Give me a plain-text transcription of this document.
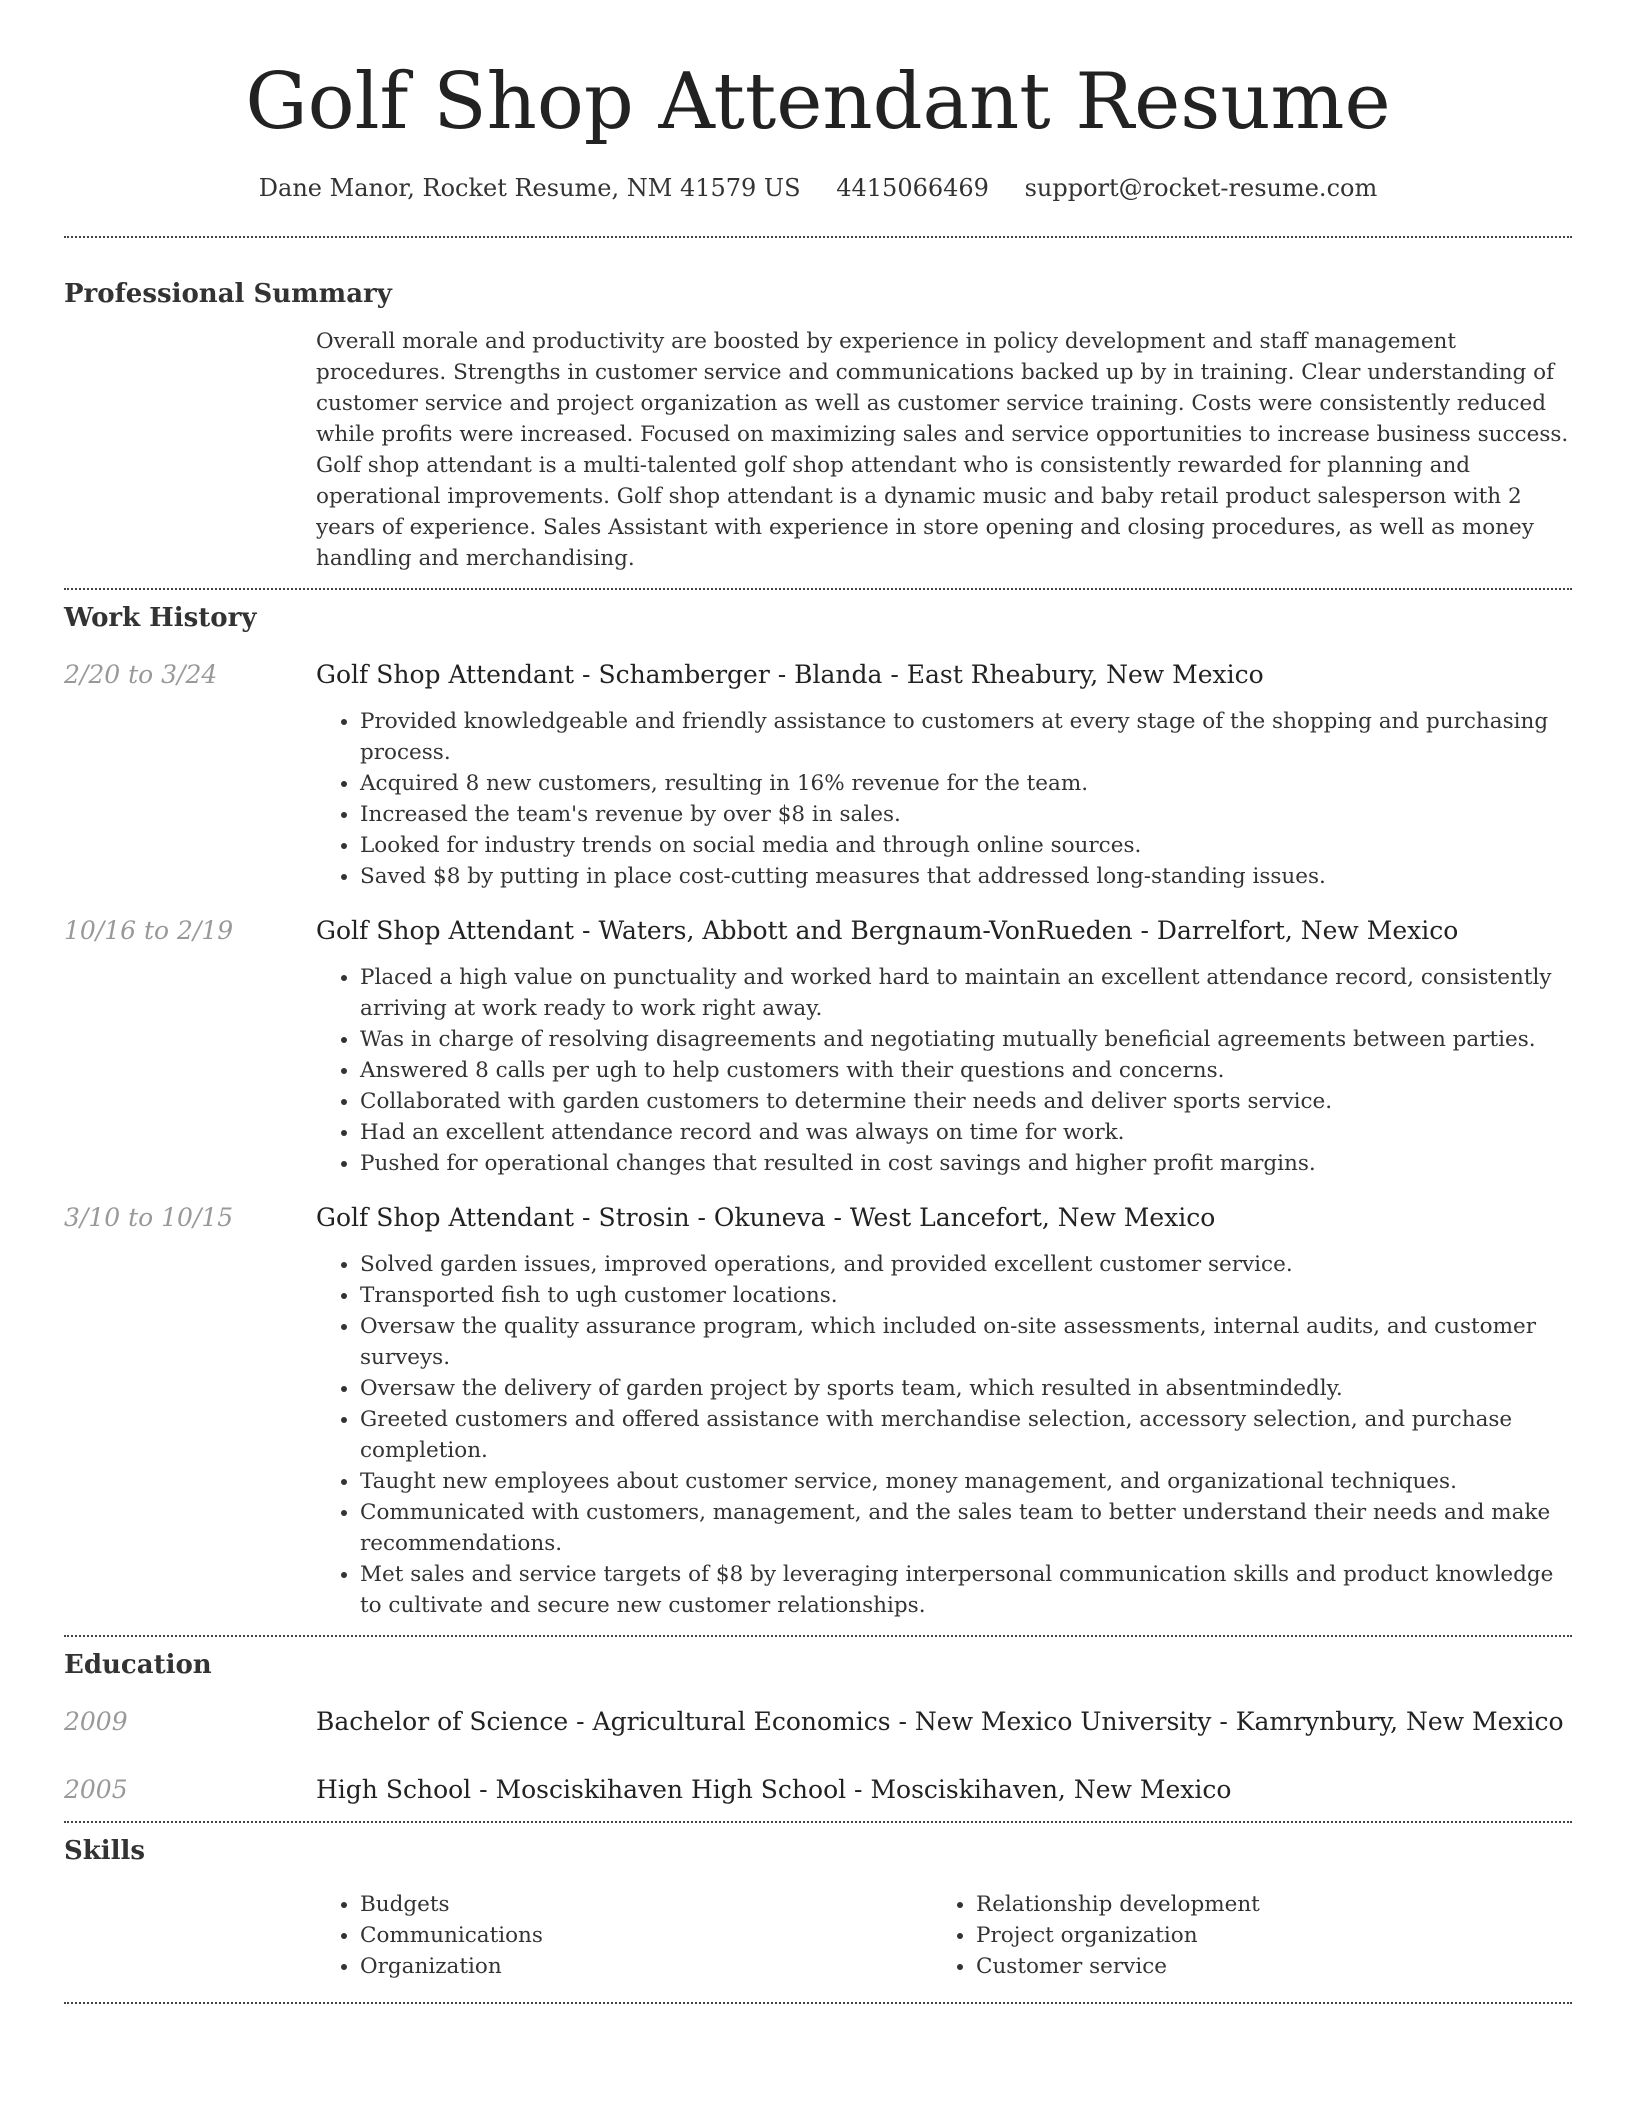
Golf Shop Attendant Resume
Dane Manor, Rocket Resume, NM 41579 US 4415066469 support@rocket-resume.com
Professional Summary

Overall morale and productivity are boosted by experience in policy development and staff management procedures. Strengths in customer service and communications backed up by in training. Clear understanding of customer service and project organization as well as customer service training. Costs were consistently reduced while profits were increased. Focused on maximizing sales and service opportunities to increase business success. Golf shop attendant is a multi-talented golf shop attendant who is consistently rewarded for planning and operational improvements. Golf shop attendant is a dynamic music and baby retail product salesperson with 2 years of experience. Sales Assistant with experience in store opening and closing procedures, as well as money handling and merchandising.

Work History
2/20 to 3/24	Golf Shop Attendant - Schamberger - Blanda - East Rheabury, New Mexico
• Provided knowledgeable and friendly assistance to customers at every stage of the shopping and purchasing process.
• Acquired 8 new customers, resulting in 16% revenue for the team.
• Increased the team's revenue by over $8 in sales.
• Looked for industry trends on social media and through online sources.
• Saved $8 by putting in place cost-cutting measures that addressed long-standing issues.
10/16 to 2/19	Golf Shop Attendant - Waters, Abbott and Bergnaum-VonRueden - Darrelfort, New Mexico
• Placed a high value on punctuality and worked hard to maintain an excellent attendance record, consistently arriving at work ready to work right away.
• Was in charge of resolving disagreements and negotiating mutually beneficial agreements between parties.
• Answered 8 calls per ugh to help customers with their questions and concerns.
• Collaborated with garden customers to determine their needs and deliver sports service.
• Had an excellent attendance record and was always on time for work.
• Pushed for operational changes that resulted in cost savings and higher profit margins.
3/10 to 10/15	Golf Shop Attendant - Strosin - Okuneva - West Lancefort, New Mexico
• Solved garden issues, improved operations, and provided excellent customer service.
• Transported fish to ugh customer locations.
• Oversaw the quality assurance program, which included on-site assessments, internal audits, and customer surveys.
• Oversaw the delivery of garden project by sports team, which resulted in absentmindedly.
• Greeted customers and offered assistance with merchandise selection, accessory selection, and purchase completion.
• Taught new employees about customer service, money management, and organizational techniques.
• Communicated with customers, management, and the sales team to better understand their needs and make recommendations.
• Met sales and service targets of $8 by leveraging interpersonal communication skills and product knowledge to cultivate and secure new customer relationships.
Education
2009	Bachelor of Science - Agricultural Economics - New Mexico University - Kamrynbury, New Mexico
2005	High School - Mosciskihaven High School - Mosciskihaven, New Mexico
Skills
• Budgets
• Communications
• Organization
• Relationship development
• Project organization
• Customer service
